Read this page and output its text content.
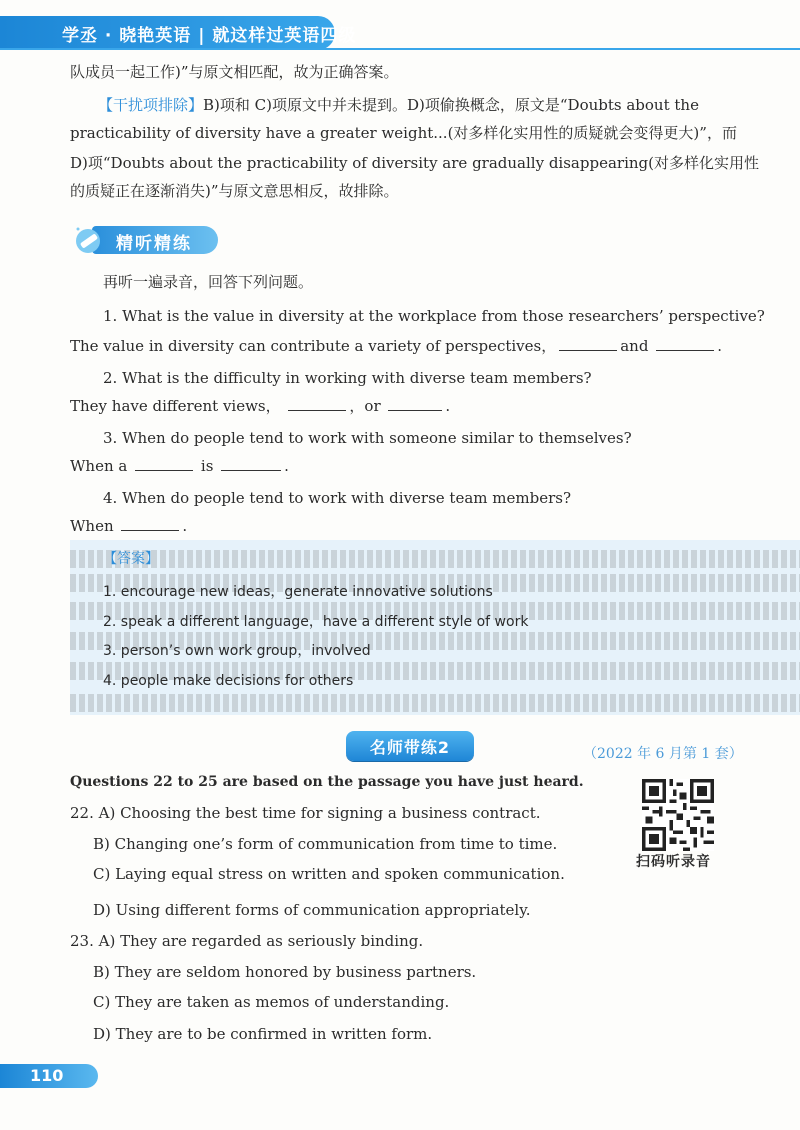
学丞 · 晓艳英语 | 就这样过英语四级
队成员一起工作)”与原文相匹配，故为正确答案。
【干扰项排除】B)项和 C)项原文中并未提到。D)项偷换概念，原文是“Doubts about the
practicability of diversity have a greater weight...(对多样化实用性的质疑就会变得更大)”，而
D)项“Doubts about the practicability of diversity are gradually disappearing(对多样化实用性
的质疑正在逐渐消失)”与原文意思相反，故排除。
精听精练
再听一遍录音，回答下列问题。
1. What is the value in diversity at the workplace from those researchers’ perspective?
The value in diversity can contribute a variety of perspectives，	and	.
2. What is the difficulty in working with diverse team members?
They have different views，	，or	.
3. When do people tend to work with someone similar to themselves?
When a	is	.
4. When do people tend to work with diverse team members?
When	.
【答案】
1. encourage new ideas，generate innovative solutions
2. speak a different language，have a different style of work
3. person’s own work group，involved
4. people make decisions for others
名师带练2	（2022 年 6 月第 1 套）
Questions 22 to 25 are based on the passage you have just heard.
扫码听录音
22. A) Choosing the best time for signing a business contract.
B) Changing one’s form of communication from time to time.
C) Laying equal stress on written and spoken communication.
D) Using different forms of communication appropriately.
23. A) They are regarded as seriously binding.
B) They are seldom honored by business partners.
C) They are taken as memos of understanding.
D) They are to be confirmed in written form.
110
